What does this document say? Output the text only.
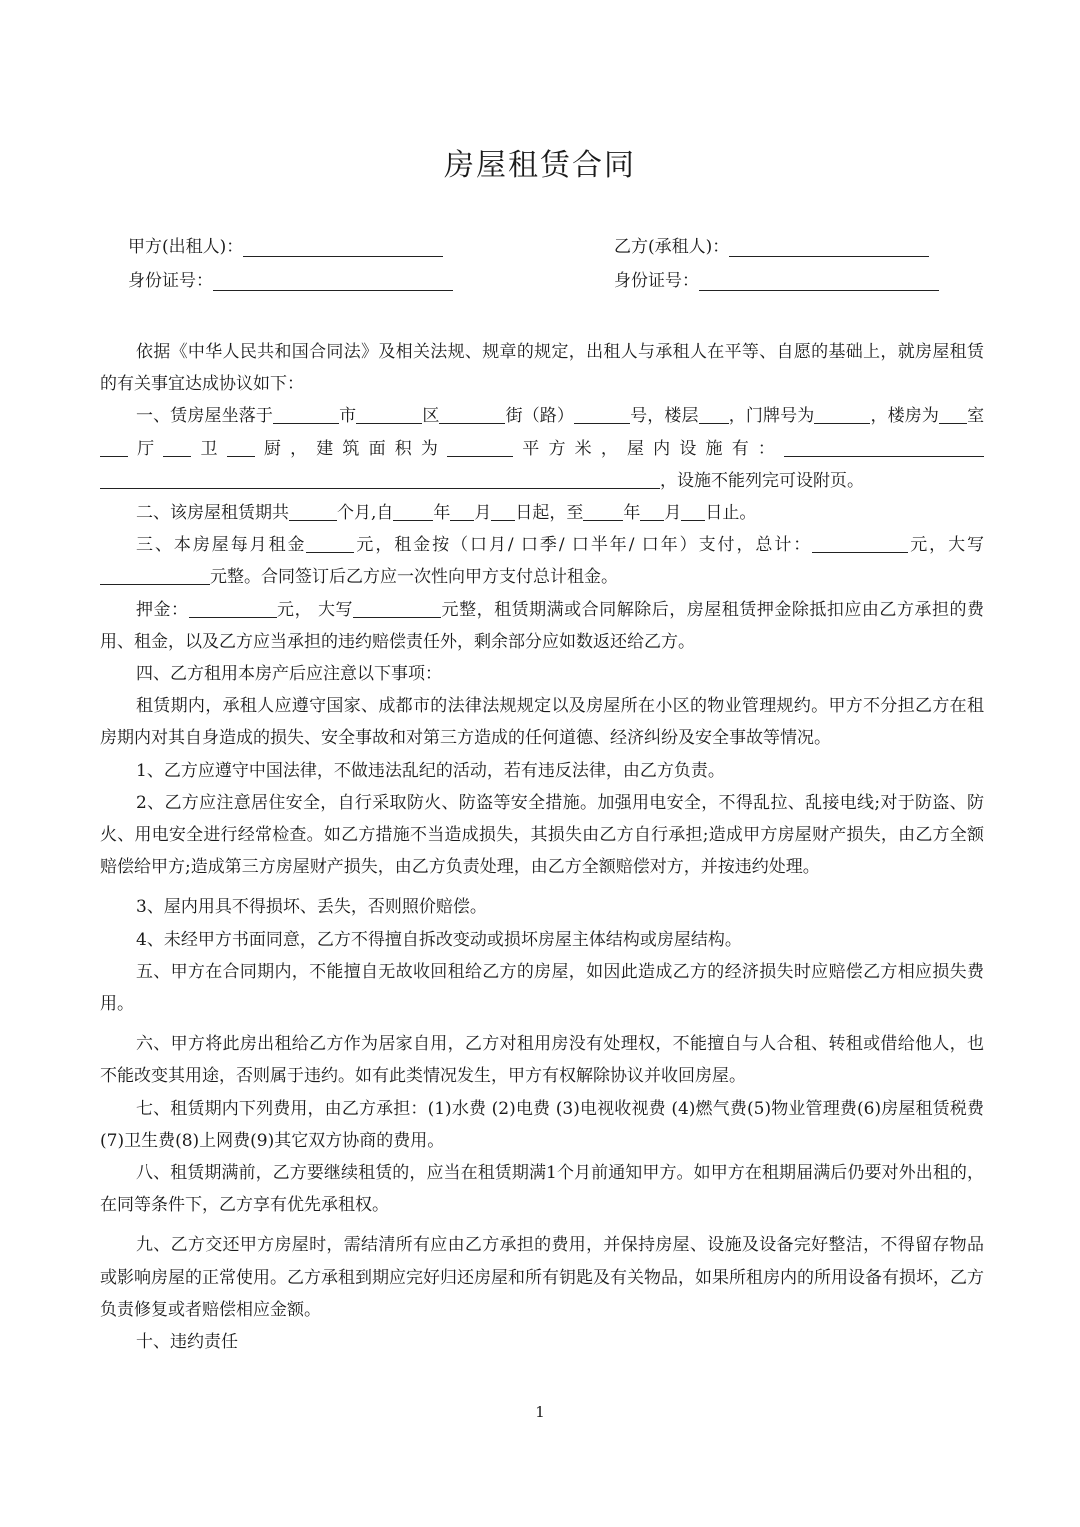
房屋租赁合同
甲方(出租人)：
身份证号：
乙方(承租人)：
身份证号：

依据《中华人民共和国合同法》及相关法规、规章的规定，出租人与承租人在平等、自愿的基础上，就房屋租赁的有关事宜达成协议如下：

一、赁房屋坐落于	市	区	街（路）	号，楼层 ，门牌号为	，楼房为 室厅 卫 厨，建筑面积为	平方米，屋内设施有：，设施不能列完可设附页。

二、该房屋租赁期共	个月,自 年 月 日起，至 年 月 日止。

三、本房屋每月租金	元，租金按（口月/ 口季/ 口半年/ 口年）支付，总计：	元，大写元整。合同签订后乙方应一次性向甲方支付总计租金。

押金：	元， 大写	元整，租赁期满或合同解除后，房屋租赁押金除抵扣应由乙方承担的费用、租金，以及乙方应当承担的违约赔偿责任外，剩余部分应如数返还给乙方。

四、乙方租用本房产后应注意以下事项：

租赁期内，承租人应遵守国家、成都市的法律法规规定以及房屋所在小区的物业管理规约。甲方不分担乙方在租房期内对其自身造成的损失、安全事故和对第三方造成的任何道德、经济纠纷及安全事故等情况。

1、乙方应遵守中国法律，不做违法乱纪的活动，若有违反法律，由乙方负责。

2、乙方应注意居住安全，自行采取防火、防盗等安全措施。加强用电安全，不得乱拉、乱接电线;对于防盗、防火、用电安全进行经常检查。如乙方措施不当造成损失，其损失由乙方自行承担;造成甲方房屋财产损失，由乙方全额赔偿给甲方;造成第三方房屋财产损失，由乙方负责处理，由乙方全额赔偿对方，并按违约处理。

3、屋内用具不得损坏、丢失，否则照价赔偿。

4、未经甲方书面同意，乙方不得擅自拆改变动或损坏房屋主体结构或房屋结构。

五、甲方在合同期内，不能擅自无故收回租给乙方的房屋，如因此造成乙方的经济损失时应赔偿乙方相应损失费用。

六、甲方将此房出租给乙方作为居家自用，乙方对租用房没有处理权，不能擅自与人合租、转租或借给他人，也不能改变其用途，否则属于违约。如有此类情况发生，甲方有权解除协议并收回房屋。

七、租赁期内下列费用，由乙方承担：(1)水费 (2)电费 (3)电视收视费 (4)燃气费(5)物业管理费(6)房屋租赁税费(7)卫生费(8)上网费(9)其它双方协商的费用。

八、租赁期满前，乙方要继续租赁的，应当在租赁期满1个月前通知甲方。如甲方在租期届满后仍要对外出租的，在同等条件下，乙方享有优先承租权。

九、乙方交还甲方房屋时，需结清所有应由乙方承担的费用，并保持房屋、设施及设备完好整洁，不得留存物品或影响房屋的正常使用。乙方承租到期应完好归还房屋和所有钥匙及有关物品，如果所租房内的所用设备有损坏，乙方负责修复或者赔偿相应金额。

十、违约责任

1
